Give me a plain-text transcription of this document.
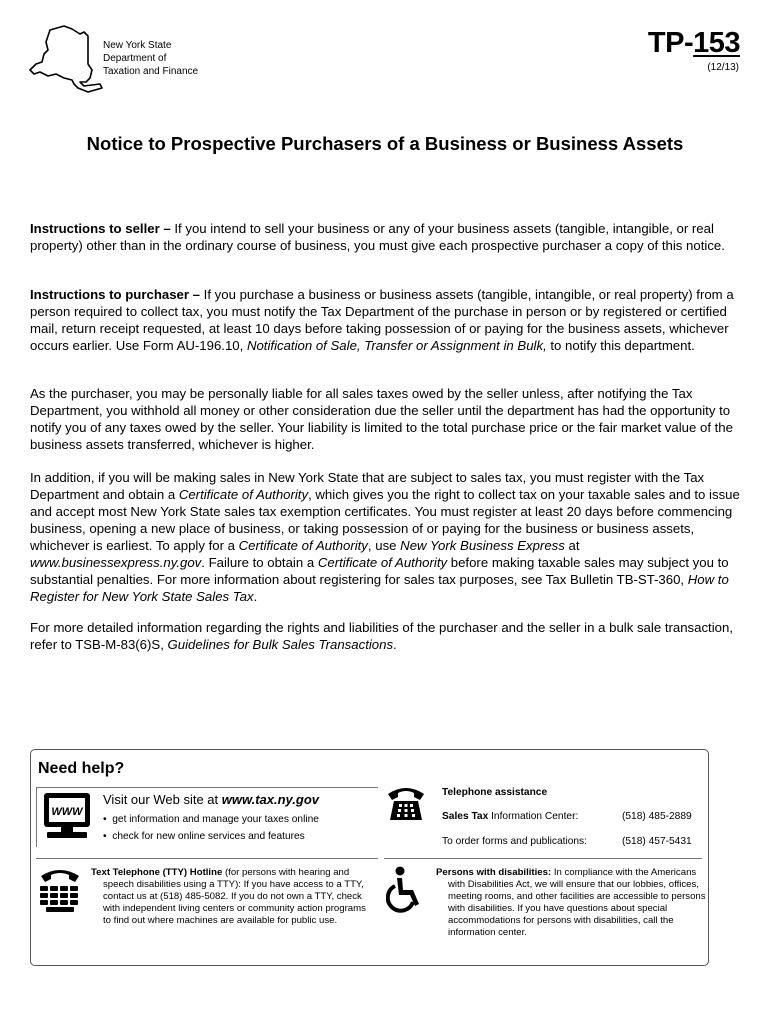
New York State
Department of
Taxation and Finance
TP-153
(12/13)
Notice to Prospective Purchasers of a Business or Business Assets

Instructions to seller – If you intend to sell your business or any of your business assets (tangible, intangible, or real property) other than in the ordinary course of business, you must give each prospective purchaser a copy of this notice.

Instructions to purchaser – If you purchase a business or business assets (tangible, intangible, or real property) from a person required to collect tax, you must notify the Tax Department of the purchase in person or by registered or certified mail, return receipt requested, at least 10 days before taking possession of or paying for the business assets, whichever occurs earlier. Use Form AU-196.10, Notification of Sale, Transfer or Assignment in Bulk, to notify this department.

As the purchaser, you may be personally liable for all sales taxes owed by the seller unless, after notifying the Tax Department, you withhold all money or other consideration due the seller until the department has had the opportunity to notify you of any taxes owed by the seller. Your liability is limited to the total purchase price or the fair market value of the business assets transferred, whichever is higher.

In addition, if you will be making sales in New York State that are subject to sales tax, you must register with the Tax Department and obtain a Certificate of Authority, which gives you the right to collect tax on your taxable sales and to issue and accept most New York State sales tax exemption certificates. You must register at least 20 days before commencing business, opening a new place of business, or taking possession of or paying for the business or business assets, whichever is earliest. To apply for a Certificate of Authority, use New York Business Express at www.businessexpress.ny.gov. Failure to obtain a Certificate of Authority before making taxable sales may subject you to substantial penalties. For more information about registering for sales tax purposes, see Tax Bulletin TB-ST-360, How to Register for New York State Sales Tax.

For more detailed information regarding the rights and liabilities of the purchaser and the seller in a bulk sale transaction, refer to TSB-M-83(6)S, Guidelines for Bulk Sales Transactions.

Need help?
WWW
Visit our Web site at www.tax.ny.gov
•  get information and manage your taxes online
•  check for new online services and features
Telephone assistance
Sales Tax Information Center:	(518) 485-2889
To order forms and publications:	(518) 457-5431
Text Telephone (TTY) Hotline (for persons with hearing and speech disabilities using a TTY): If you have access to a TTY, contact us at (518) 485-5082. If you do not own a TTY, check with independent living centers or community action programs to find out where machines are available for public use.
Persons with disabilities: In compliance with the Americans with Disabilities Act, we will ensure that our lobbies, offices, meeting rooms, and other facilities are accessible to persons with disabilities. If you have questions about special accommodations for persons with disabilities, call the information center.
